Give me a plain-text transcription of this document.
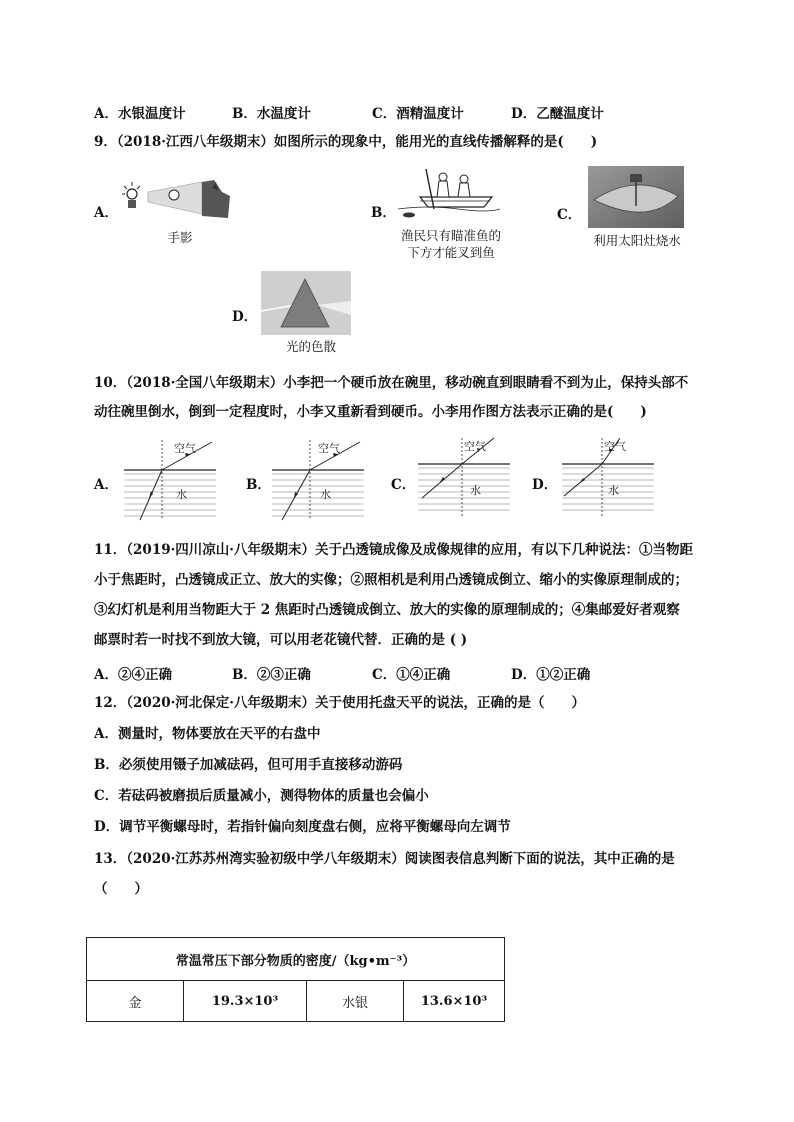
A．水银温度计	B．水温度计	C．酒精温度计	D．乙醚温度计
9．（2018·江西八年级期末）如图所示的现象中，能用光的直线传播解释的是(　　)
A．
手影
B．
渔民只有瞄准鱼的
下方才能叉到鱼
C．
利用太阳灶烧水
D．
光的色散
10．（2018·全国八年级期末）小李把一个硬币放在碗里，移动碗直到眼睛看不到为止，保持头部不
动往碗里倒水，倒到一定程度时，小李又重新看到硬币。小李用作图方法表示正确的是(　　)
A．
空气
水
B．
空气
水
C．
空气
水	D．
空气
水
11．（2019·四川凉山·八年级期末）关于凸透镜成像及成像规律的应用，有以下几种说法：①当物距
小于焦距时，凸透镜成正立、放大的实像；②照相机是利用凸透镜成倒立、缩小的实像原理制成的；
③幻灯机是利用当物距大于 2 焦距时凸透镜成倒立、放大的实像的原理制成的；④集邮爱好者观察
邮票时若一时找不到放大镜，可以用老花镜代替．正确的是 ( )
A．②④正确	B．②③正确	C．①④正确	D．①②正确
12．（2020·河北保定·八年级期末）关于使用托盘天平的说法，正确的是（　　）
A．测量时，物体要放在天平的右盘中
B．必须使用镊子加减砝码，但可用手直接移动游码
C．若砝码被磨损后质量减小，测得物体的质量也会偏小
D．调节平衡螺母时，若指针偏向刻度盘右侧，应将平衡螺母向左调节
13．（2020·江苏苏州湾实验初级中学八年级期末）阅读图表信息判断下面的说法，其中正确的是
（　　）
常温常压下部分物质的密度/（kg•m⁻³）
金	19.3×10³	水银	13.6×10³
